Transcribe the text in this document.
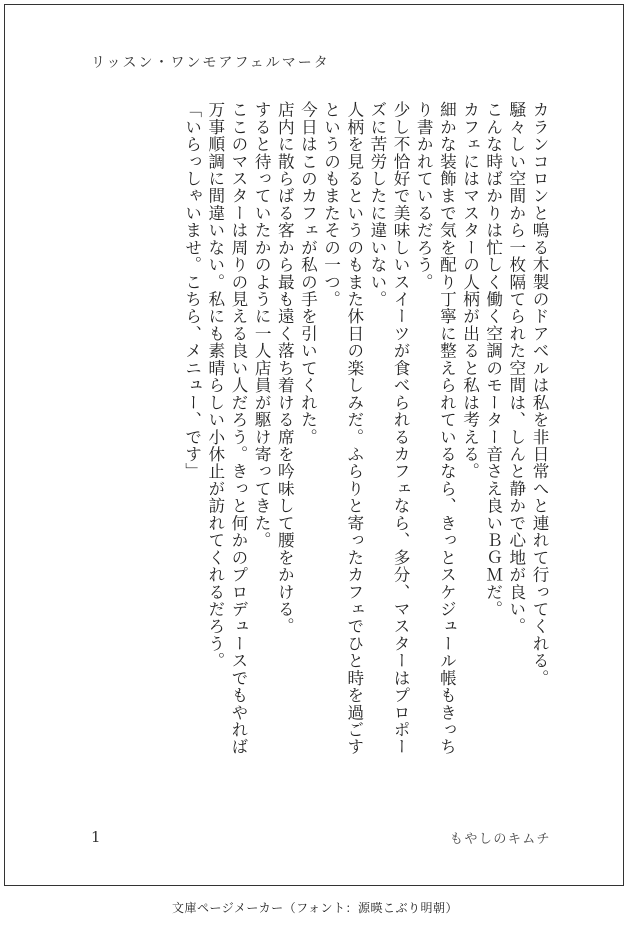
リッスン・ワンモアフェルマータ
カランコロンと鳴る木製のドアベルは私を非日常へと連れて行ってくれる。
騒々しい空間から一枚隔てられた空間は、しんと静かで心地が良い。
こんな時ばかりは忙しく働く空調のモーター音さえ良いＢＧＭだ。
カフェにはマスターの人柄が出ると私は考える。
細かな装飾まで気を配り丁寧に整えられているなら、きっとスケジュール帳もきっち
り書かれているだろう。
少し不恰好で美味しいスイーツが食べられるカフェなら、多分、マスターはプロポー
ズに苦労したに違いない。
人柄を見るというのもまた休日の楽しみだ。ふらりと寄ったカフェでひと時を過ごす
というのもまたその一つ。
今日はこのカフェが私の手を引いてくれた。
店内に散らばる客から最も遠く落ち着ける席を吟味して腰をかける。
すると待っていたかのように一人店員が駆け寄ってきた。
ここのマスターは周りの見える良い人だろう。きっと何かのプロデュースでもやれば
万事順調に間違いない。私にも素晴らしい小休止が訪れてくれるだろう。
「いらっしゃいませ。こちら、メニュー、です」
1	もやしのキムチ
文庫ページメーカー（フォント：源暎こぶり明朝）
